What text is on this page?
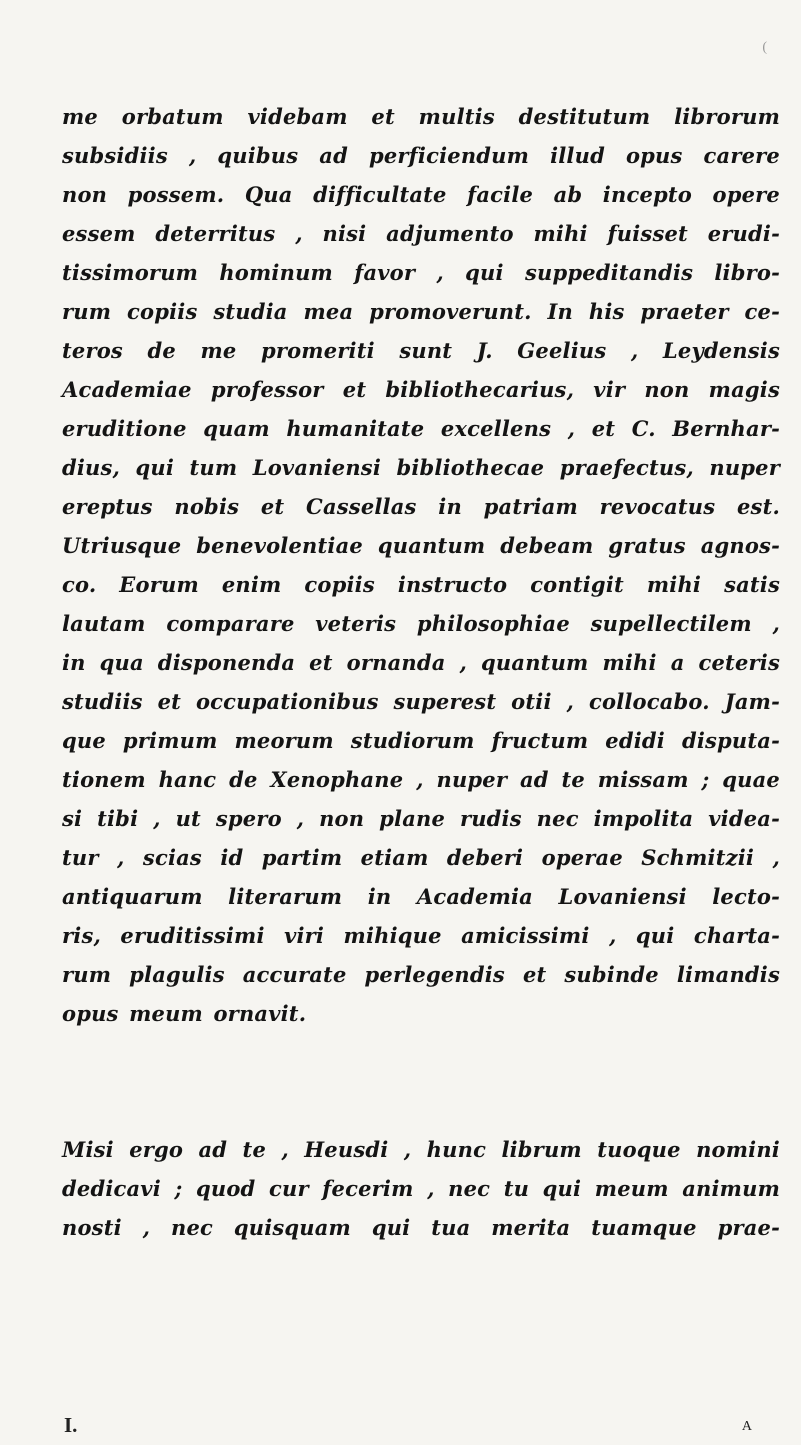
(
me orbatum videbam et multis destitutum librorum
subsidiis , quibus ad perficiendum illud opus carere
non possem. Qua difficultate facile ab incepto opere
essem deterritus , nisi adjumento mihi fuisset erudi-
tissimorum hominum favor , qui suppeditandis libro-
rum copiis studia mea promoverunt. In his praeter ce-
teros de me promeriti sunt J. Geelius , Leydensis
Academiae professor et bibliothecarius, vir non magis
eruditione quam humanitate excellens , et C. Bernhar-
dius, qui tum Lovaniensi bibliothecae praefectus, nuper
ereptus nobis et Cassellas in patriam revocatus est.
Utriusque benevolentiae quantum debeam gratus agnos-
co. Eorum enim copiis instructo contigit mihi satis
lautam comparare veteris philosophiae supellectilem ,
in qua disponenda et ornanda , quantum mihi a ceteris
studiis et occupationibus superest otii , collocabo. Jam-
que primum meorum studiorum fructum edidi disputa-
tionem hanc de Xenophane , nuper ad te missam ; quae
si tibi , ut spero , non plane rudis nec impolita videa-
tur , scias id partim etiam deberi operae Schmitzii ,
antiquarum literarum in Academia Lovaniensi lecto-
ris, eruditissimi viri mihique amicissimi , qui charta-
rum plagulis accurate perlegendis et subinde limandis
opus meum ornavit.
Misi ergo ad te , Heusdi , hunc librum tuoque nomini
dedicavi ; quod cur fecerim , nec tu qui meum animum
nosti , nec quisquam qui tua merita tuamque prae-
I.	A
